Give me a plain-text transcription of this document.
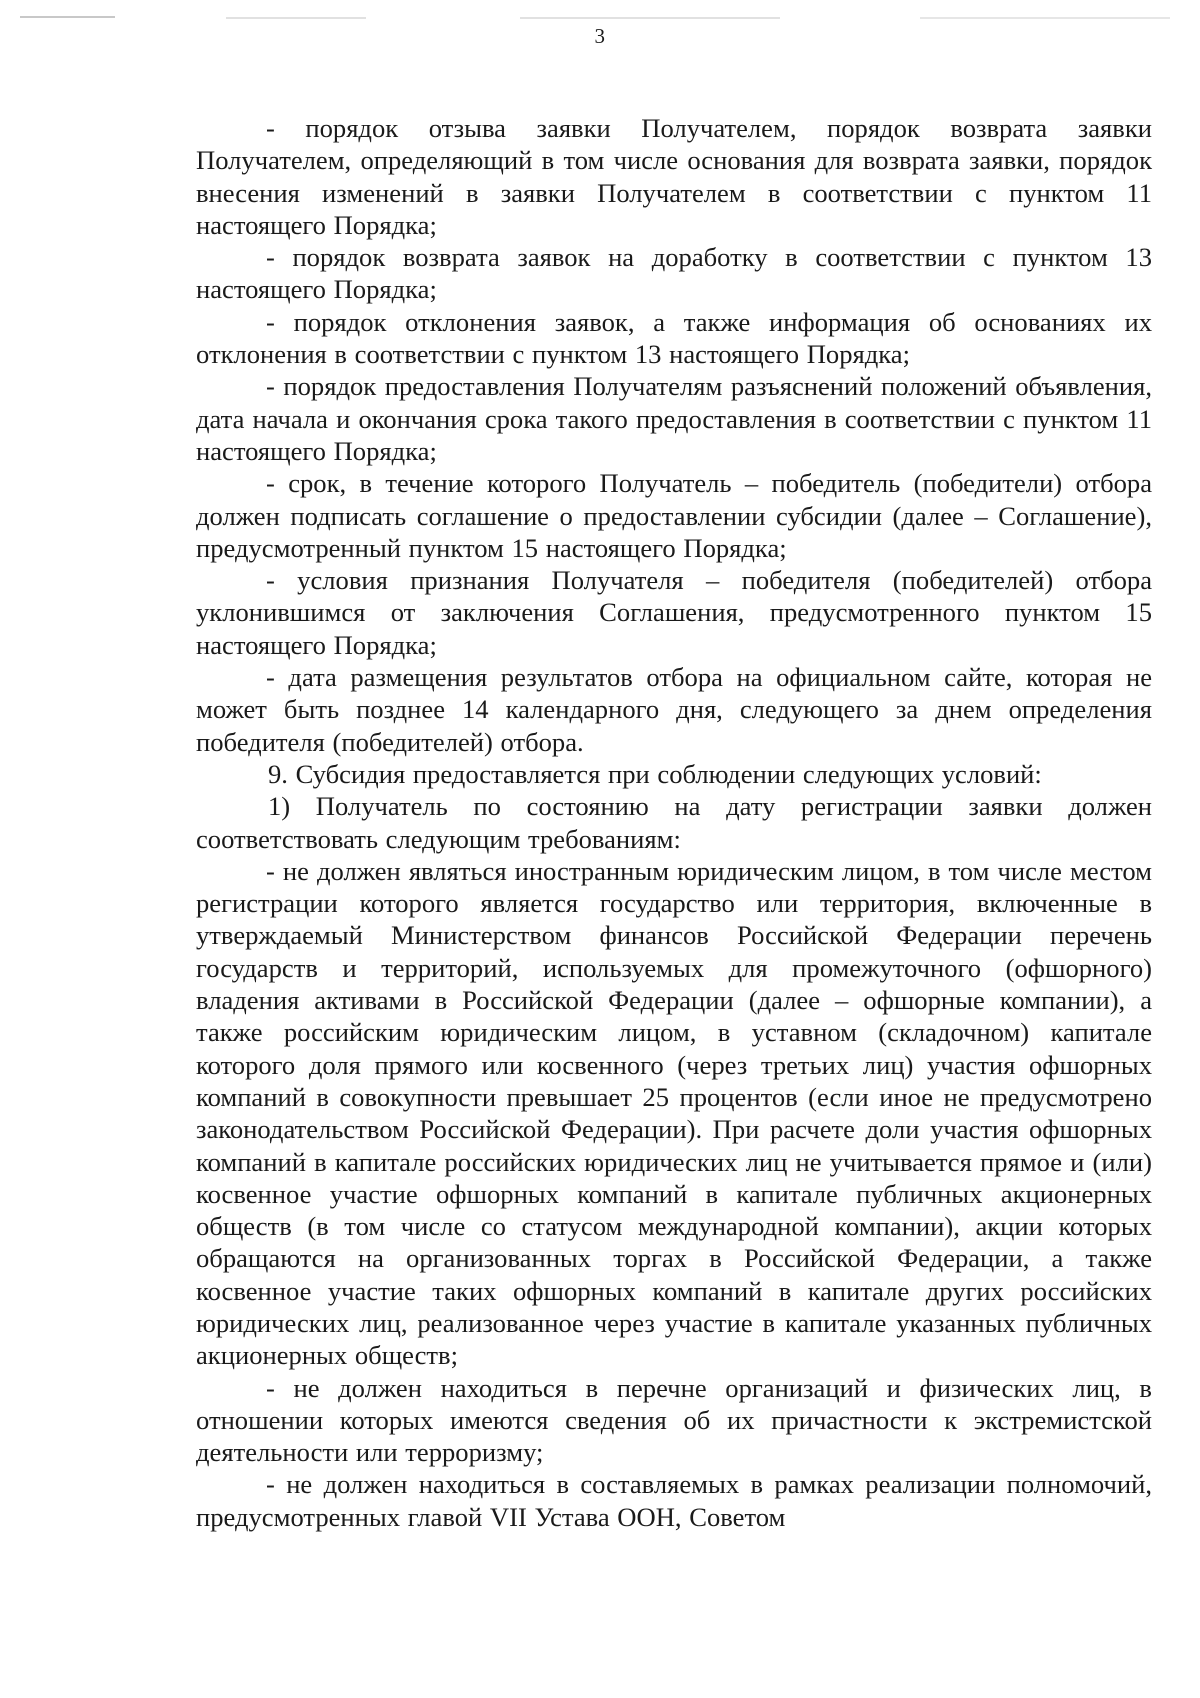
3

- порядок отзыва заявки Получателем, порядок возврата заявки Получателем, определяющий в том числе основания для возврата заявки, порядок внесения изменений в заявки Получателем в соответствии с пунктом 11 настоящего Порядка;

- порядок возврата заявок на доработку в соответствии с пунктом 13 настоящего Порядка;

- порядок отклонения заявок, а также информация об основаниях их отклонения в соответствии с пунктом 13 настоящего Порядка;

- порядок предоставления Получателям разъяснений положений объявления, дата начала и окончания срока такого предоставления в соответствии с пунктом 11 настоящего Порядка;

- срок, в течение которого Получатель – победитель (победители) отбора должен подписать соглашение о предоставлении субсидии (далее – Соглашение), предусмотренный пунктом 15 настоящего Порядка;

- условия признания Получателя – победителя (победителей) отбора уклонившимся от заключения Соглашения, предусмотренного пунктом 15 настоящего Порядка;

- дата размещения результатов отбора на официальном сайте, которая не может быть позднее 14 календарного дня, следующего за днем определения победителя (победителей) отбора.

9. Субсидия предоставляется при соблюдении следующих условий:

1) Получатель по состоянию на дату регистрации заявки должен соответствовать следующим требованиям:

- не должен являться иностранным юридическим лицом, в том числе местом регистрации которого является государство или территория, включенные в утверждаемый Министерством финансов Российской Федерации перечень государств и территорий, используемых для промежуточного (офшорного) владения активами в Российской Федерации (далее – офшорные компании), а также российским юридическим лицом, в уставном (складочном) капитале которого доля прямого или косвенного (через третьих лиц) участия офшорных компаний в совокупности превышает 25 процентов (если иное не предусмотрено законодательством Российской Федерации). При расчете доли участия офшорных компаний в капитале российских юридических лиц не учитывается прямое и (или) косвенное участие офшорных компаний в капитале публичных акционерных обществ (в том числе со статусом международной компании), акции которых обращаются на организованных торгах в Российской Федерации, а также косвенное участие таких офшорных компаний в капитале других российских юридических лиц, реализованное через участие в капитале указанных публичных акционерных обществ;

- не должен находиться в перечне организаций и физических лиц, в отношении которых имеются сведения об их причастности к экстремистской деятельности или терроризму;

- не должен находиться в составляемых в рамках реализации полномочий, предусмотренных главой VII Устава ООН, Советом
